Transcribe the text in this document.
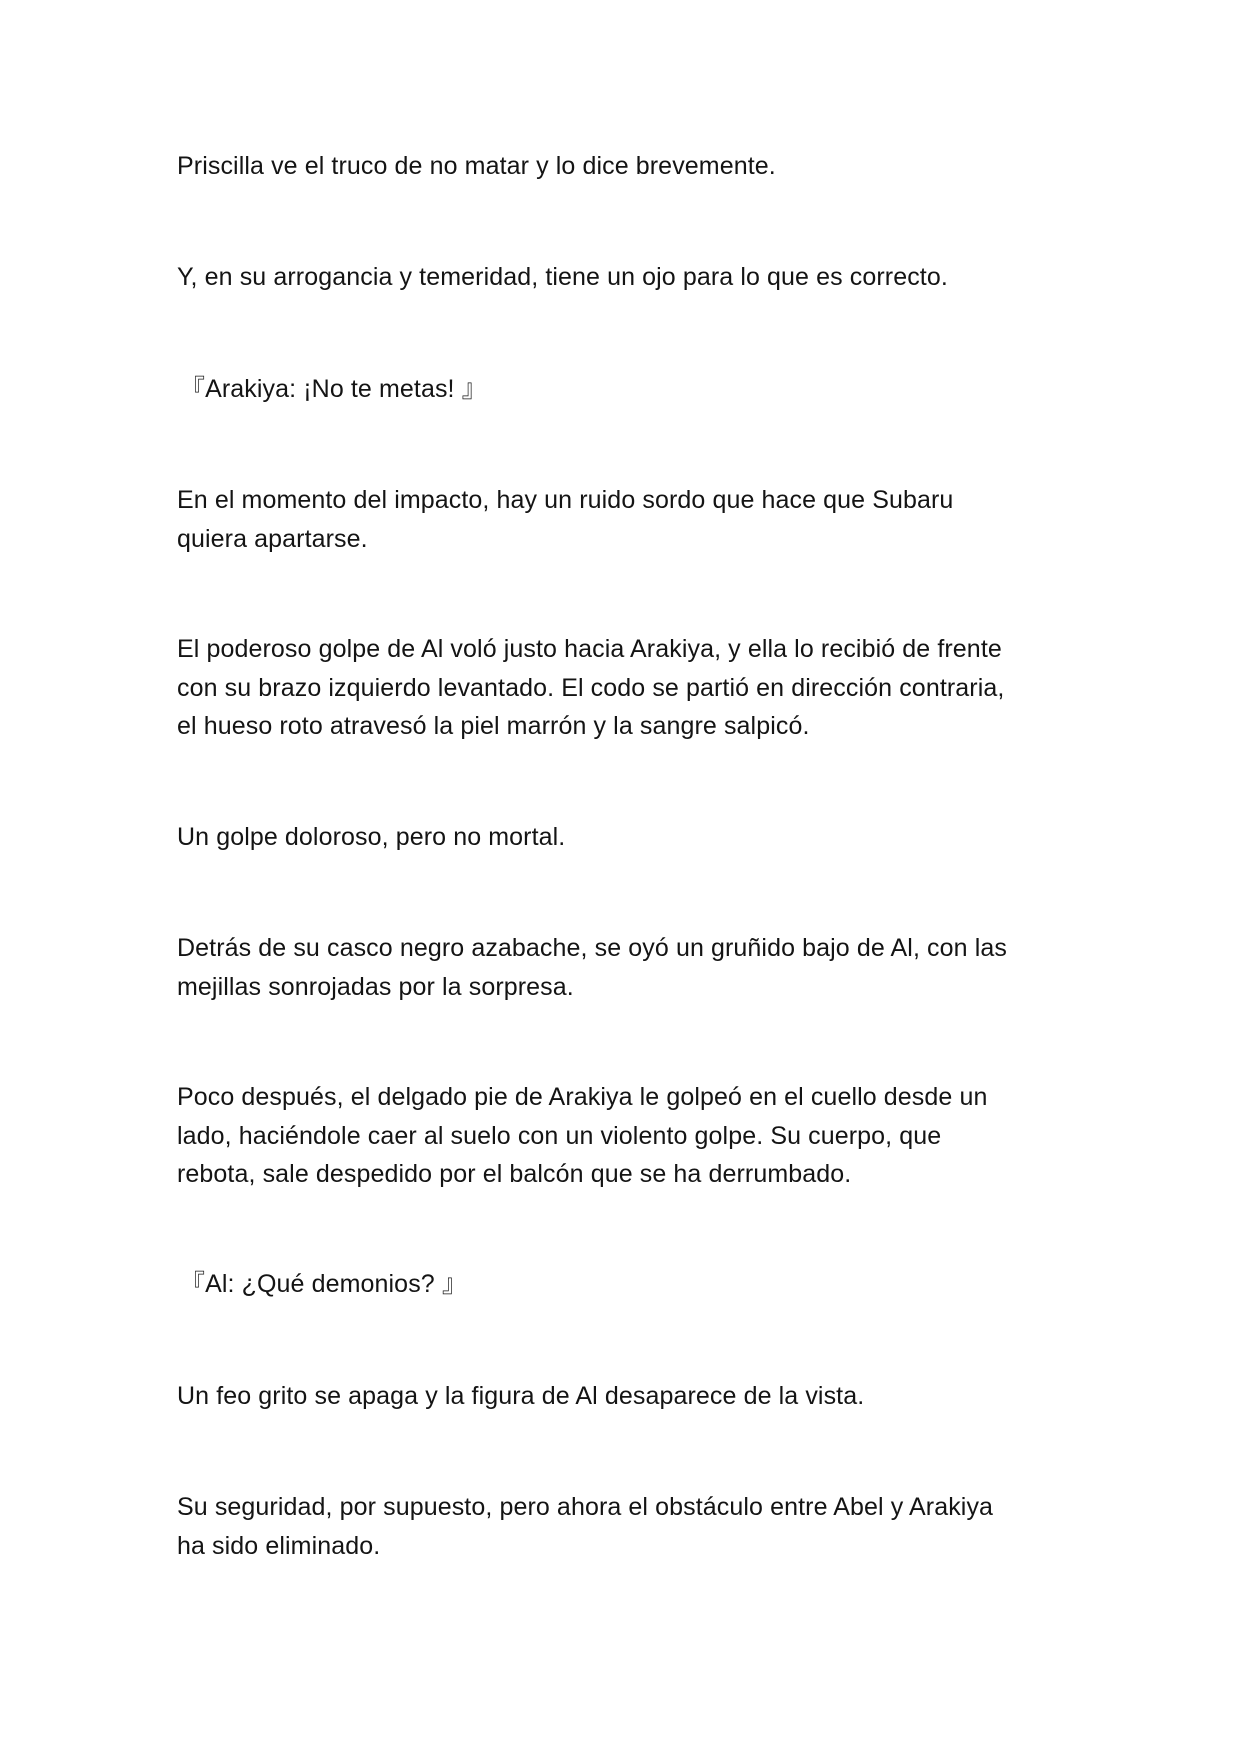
Priscilla ve el truco de no matar y lo dice brevemente.

Y, en su arrogancia y temeridad, tiene un ojo para lo que es correcto.

『Arakiya: ¡No te metas! 』

En el momento del impacto, hay un ruido sordo que hace que Subaru
quiera apartarse.

El poderoso golpe de Al voló justo hacia Arakiya, y ella lo recibió de frente
con su brazo izquierdo levantado. El codo se partió en dirección contraria,
el hueso roto atravesó la piel marrón y la sangre salpicó.

Un golpe doloroso, pero no mortal.

Detrás de su casco negro azabache, se oyó un gruñido bajo de Al, con las
mejillas sonrojadas por la sorpresa.

Poco después, el delgado pie de Arakiya le golpeó en el cuello desde un
lado, haciéndole caer al suelo con un violento golpe. Su cuerpo, que
rebota, sale despedido por el balcón que se ha derrumbado.

『Al: ¿Qué demonios? 』

Un feo grito se apaga y la figura de Al desaparece de la vista.

Su seguridad, por supuesto, pero ahora el obstáculo entre Abel y Arakiya
ha sido eliminado.
